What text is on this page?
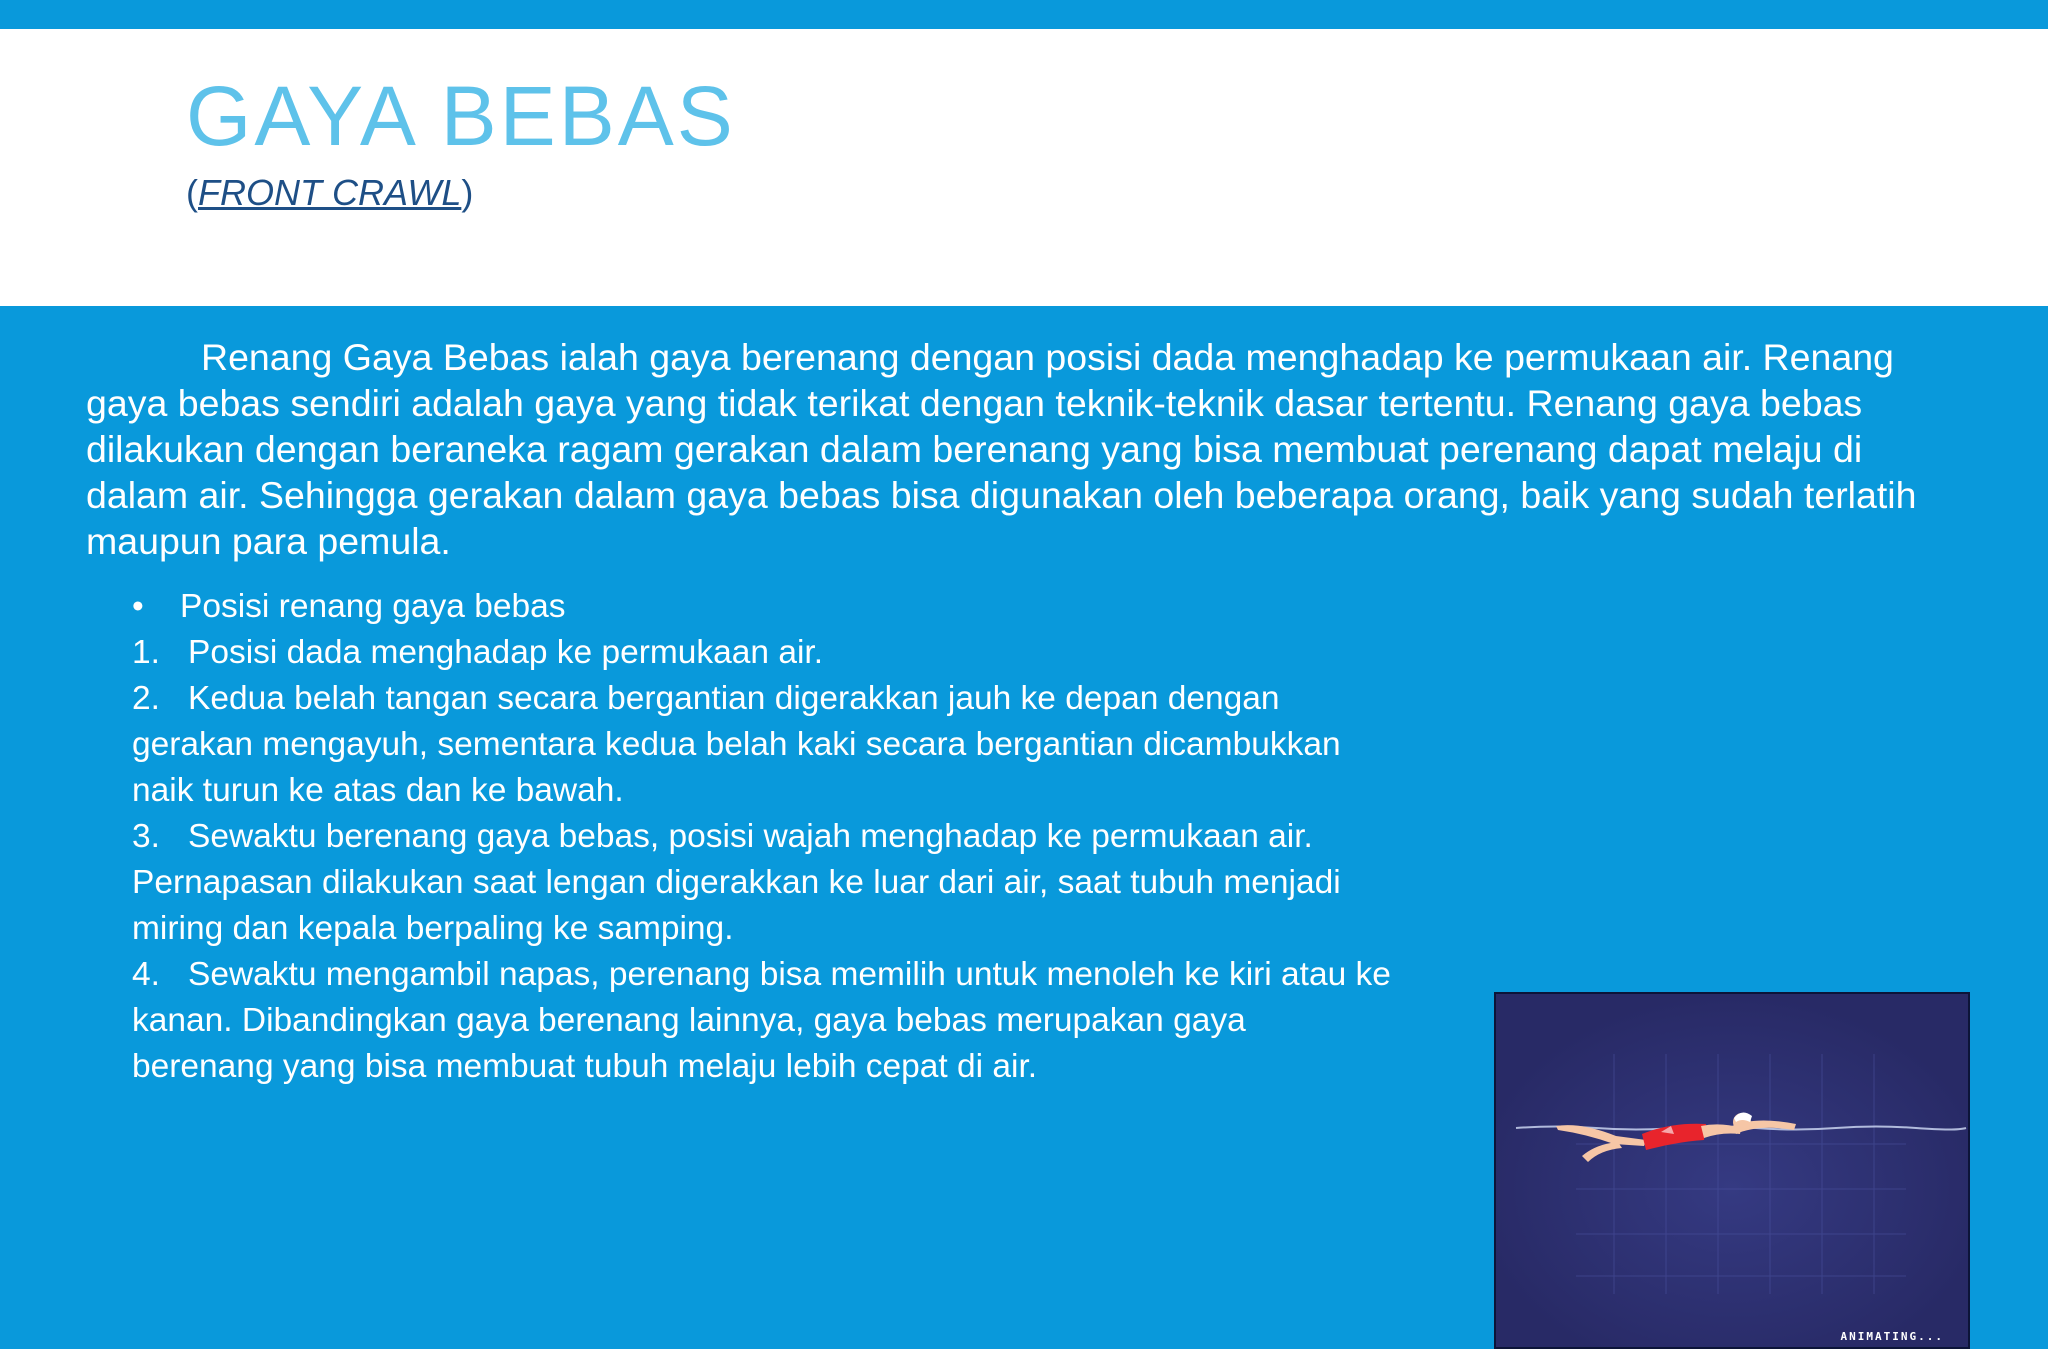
GAYA BEBAS
(FRONT CRAWL)

Renang Gaya Bebas ialah gaya berenang dengan posisi dada menghadap ke permukaan air. Renang gaya bebas sendiri adalah gaya yang tidak terikat dengan teknik-teknik dasar tertentu. Renang gaya bebas dilakukan dengan beraneka ragam gerakan dalam berenang yang bisa membuat perenang dapat melaju di dalam air. Sehingga gerakan dalam gaya bebas bisa digunakan oleh beberapa orang, baik yang sudah terlatih maupun para pemula.

• Posisi renang gaya bebas
1. Posisi dada menghadap ke permukaan air.
2. Kedua belah tangan secara bergantian digerakkan jauh ke depan dengan gerakan mengayuh, sementara kedua belah kaki secara bergantian dicambukkan naik turun ke atas dan ke bawah.
3. Sewaktu berenang gaya bebas, posisi wajah menghadap ke permukaan air. Pernapasan dilakukan saat lengan digerakkan ke luar dari air, saat tubuh menjadi miring dan kepala berpaling ke samping.
4. Sewaktu mengambil napas, perenang bisa memilih untuk menoleh ke kiri atau ke kanan. Dibandingkan gaya berenang lainnya, gaya bebas merupakan gaya berenang yang bisa membuat tubuh melaju lebih cepat di air.
ANIMATING...
